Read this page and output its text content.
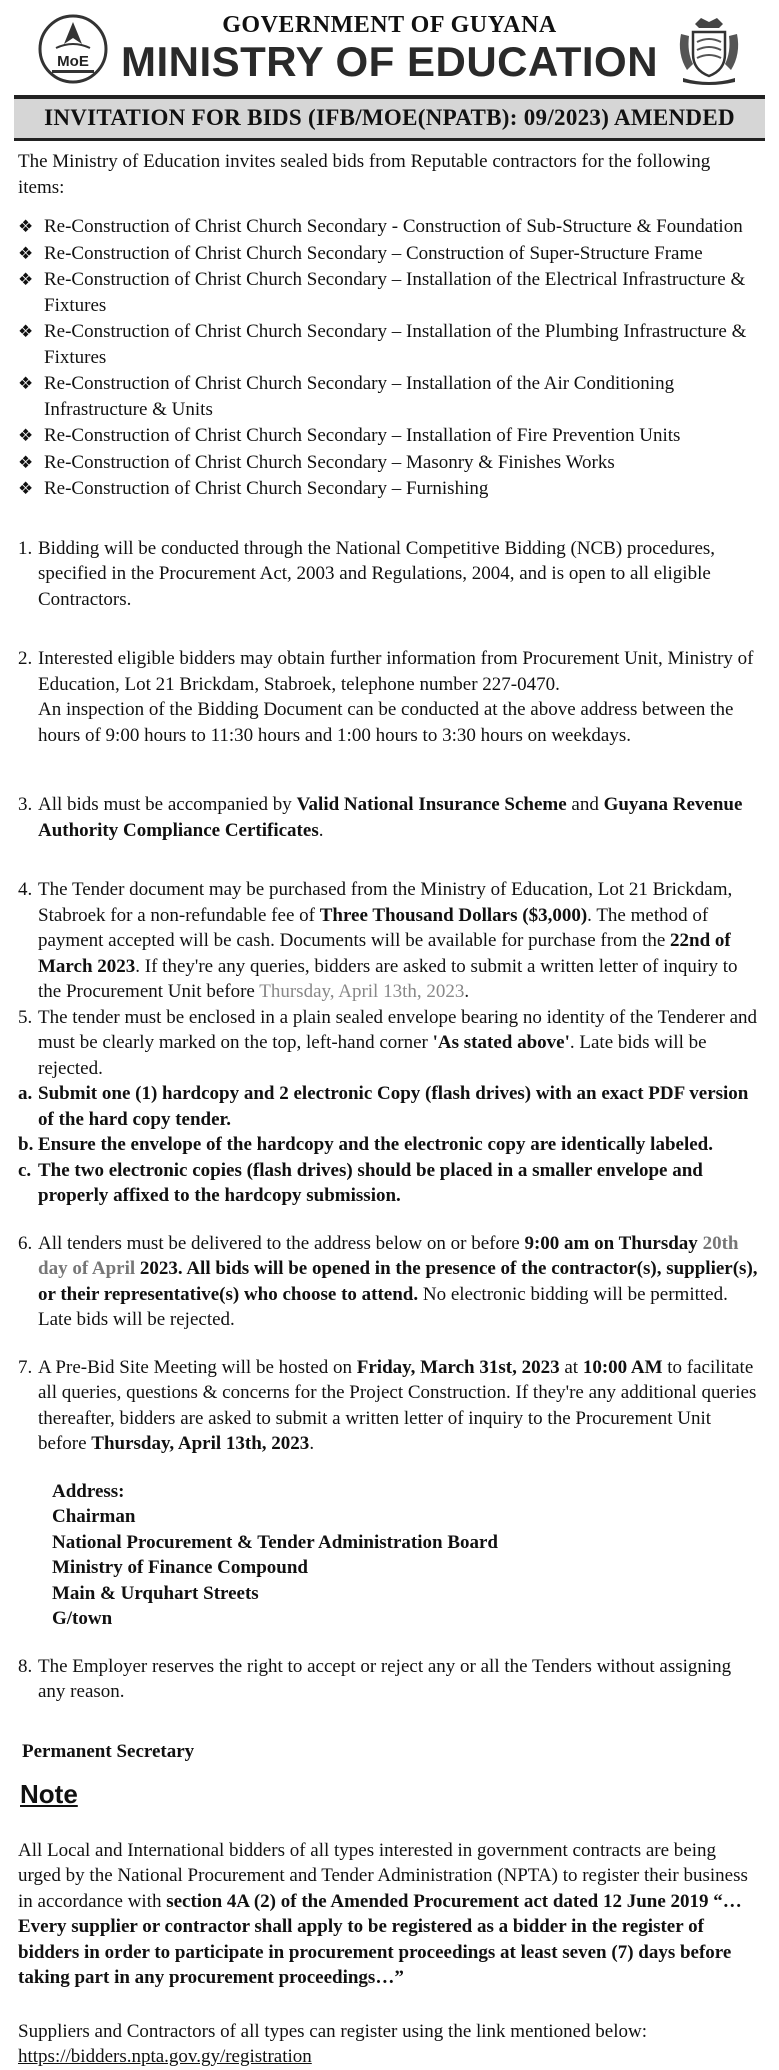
MoE
GOVERNMENT OF GUYANA
MINISTRY OF EDUCATION
INVITATION FOR BIDS (IFB/MOE(NPATB): 09/2023) AMENDED
The Ministry of Education invites sealed bids from Reputable contractors for the following items:
❖ Re-Construction of Christ Church Secondary - Construction of Sub-Structure & Foundation
❖ Re-Construction of Christ Church Secondary – Construction of Super-Structure Frame
❖ Re-Construction of Christ Church Secondary – Installation of the Electrical Infrastructure & Fixtures
❖ Re-Construction of Christ Church Secondary – Installation of the Plumbing Infrastructure & Fixtures
❖ Re-Construction of Christ Church Secondary – Installation of the Air Conditioning Infrastructure & Units
❖ Re-Construction of Christ Church Secondary – Installation of Fire Prevention Units
❖ Re-Construction of Christ Church Secondary – Masonry & Finishes Works
❖ Re-Construction of Christ Church Secondary – Furnishing
1. Bidding will be conducted through the National Competitive Bidding (NCB) procedures, specified in the Procurement Act, 2003 and Regulations, 2004, and is open to all eligible Contractors.
2. Interested eligible bidders may obtain further information from Procurement Unit, Ministry of Education, Lot 21 Brickdam, Stabroek, telephone number 227-0470.
An inspection of the Bidding Document can be conducted at the above address between the hours of 9:00 hours to 11:30 hours and 1:00 hours to 3:30 hours on weekdays.
3. All bids must be accompanied by Valid National Insurance Scheme and Guyana Revenue Authority Compliance Certificates.
4. The Tender document may be purchased from the Ministry of Education, Lot 21 Brickdam, Stabroek for a non-refundable fee of Three Thousand Dollars ($3,000). The method of payment accepted will be cash. Documents will be available for purchase from the 22nd of March 2023. If they're any queries, bidders are asked to submit a written letter of inquiry to the Procurement Unit before Thursday, April 13th, 2023.
5. The tender must be enclosed in a plain sealed envelope bearing no identity of the Tenderer and must be clearly marked on the top, left-hand corner 'As stated above'. Late bids will be rejected.
a. Submit one (1) hardcopy and 2 electronic Copy (flash drives) with an exact PDF version of the hard copy tender.
b. Ensure the envelope of the hardcopy and the electronic copy are identically labeled.
c. The two electronic copies (flash drives) should be placed in a smaller envelope and properly affixed to the hardcopy submission.
6. All tenders must be delivered to the address below on or before 9:00 am on Thursday 20th day of April 2023. All bids will be opened in the presence of the contractor(s), supplier(s), or their representative(s) who choose to attend. No electronic bidding will be permitted. Late bids will be rejected.
7. A Pre-Bid Site Meeting will be hosted on Friday, March 31st, 2023 at 10:00 AM to facilitate all queries, questions & concerns for the Project Construction. If they're any additional queries thereafter, bidders are asked to submit a written letter of inquiry to the Procurement Unit before Thursday, April 13th, 2023.
Address:
Chairman
National Procurement & Tender Administration Board
Ministry of Finance Compound
Main & Urquhart Streets
G/town
8. The Employer reserves the right to accept or reject any or all the Tenders without assigning any reason.
Permanent Secretary
Note
All Local and International bidders of all types interested in government contracts are being urged by the National Procurement and Tender Administration (NPTA) to register their business in accordance with section 4A (2) of the Amended Procurement act dated 12 June 2019 “…Every supplier or contractor shall apply to be registered as a bidder in the register of bidders in order to participate in procurement proceedings at least seven (7) days before taking part in any procurement proceedings…”
Suppliers and Contractors of all types can register using the link mentioned below: https://bidders.npta.gov.gy/registration
